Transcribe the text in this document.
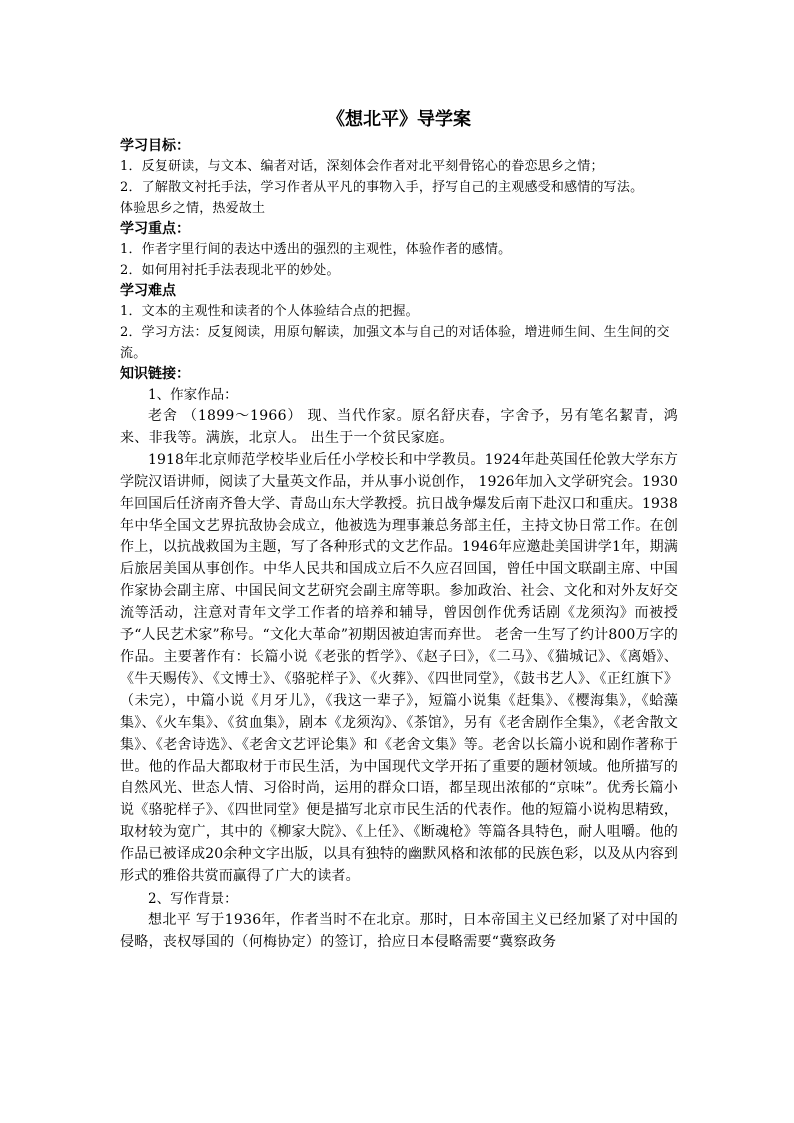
《想北平》导学案

学习目标：

1．反复研读，与文本、编者对话，深刻体会作者对北平刻骨铭心的眷恋思乡之情；

2．了解散文衬托手法，学习作者从平凡的事物入手，抒写自己的主观感受和感情的写法。

体验思乡之情，热爱故土

学习重点：

1．作者字里行间的表达中透出的强烈的主观性，体验作者的感情。

2．如何用衬托手法表现北平的妙处。

学习难点

1．文本的主观性和读者的个人体验结合点的把握。

2．学习方法：反复阅读，用原句解读，加强文本与自己的对话体验，增进师生间、生生间的交流。

知识链接：

1、作家作品：

老舍 （1899～1966） 现、当代作家。原名舒庆春，字舍予，另有笔名絜青，鸿来、非我等。满族，北京人。 出生于一个贫民家庭。

1918年北京师范学校毕业后任小学校长和中学教员。1924年赴英国任伦敦大学东方学院汉语讲师，阅读了大量英文作品，并从事小说创作， 1926年加入文学研究会。1930年回国后任济南齐鲁大学、青岛山东大学教授。抗日战争爆发后南下赴汉口和重庆。1938年中华全国文艺界抗敌协会成立，他被选为理事兼总务部主任，主持文协日常工作。在创作上，以抗战救国为主题，写了各种形式的文艺作品。1946年应邀赴美国讲学1年，期满后旅居美国从事创作。中华人民共和国成立后不久应召回国，曾任中国文联副主席、中国作家协会副主席、中国民间文艺研究会副主席等职。参加政治、社会、文化和对外友好交流等活动，注意对青年文学工作者的培养和辅导，曾因创作优秀话剧《龙须沟》而被授予“人民艺术家”称号。“文化大革命”初期因被迫害而弃世。 老舍一生写了约计800万字的作品。主要著作有：长篇小说《老张的哲学》、《赵子曰》，《二马》、《猫城记》、《离婚》、《牛天赐传》、《文博士》、《骆驼样子》、《火葬》、《四世同堂》，《鼓书艺人》、《正红旗下》（未完），中篇小说《月牙儿》，《我这一辈子》，短篇小说集《赶集》、《樱海集》，《蛤藻集》、《火车集》、《贫血集》，剧本《龙须沟》、《茶馆》，另有《老舍剧作全集》，《老舍散文集》、《老舍诗选》、《老舍文艺评论集》和《老舍文集》等。老舍以长篇小说和剧作著称于世。他的作品大都取材于市民生活，为中国现代文学开拓了重要的题材领域。他所描写的自然风光、世态人情、习俗时尚，运用的群众口语，都呈现出浓郁的“京味”。优秀长篇小说《骆驼样子》、《四世同堂》便是描写北京市民生活的代表作。他的短篇小说构思精致，取材较为宽广，其中的《柳家大院》、《上任》、《断魂枪》等篇各具特色，耐人咀嚼。他的作品已被译成20余种文字出版，以具有独特的幽默风格和浓郁的民族色彩，以及从内容到形式的雅俗共赏而赢得了广大的读者。

2、写作背景：

想北平 写于1936年，作者当时不在北京。那时，日本帝国主义已经加紧了对中国的侵略，丧权辱国的（何梅协定）的签订，拾应日本侵略需要“冀察政务
